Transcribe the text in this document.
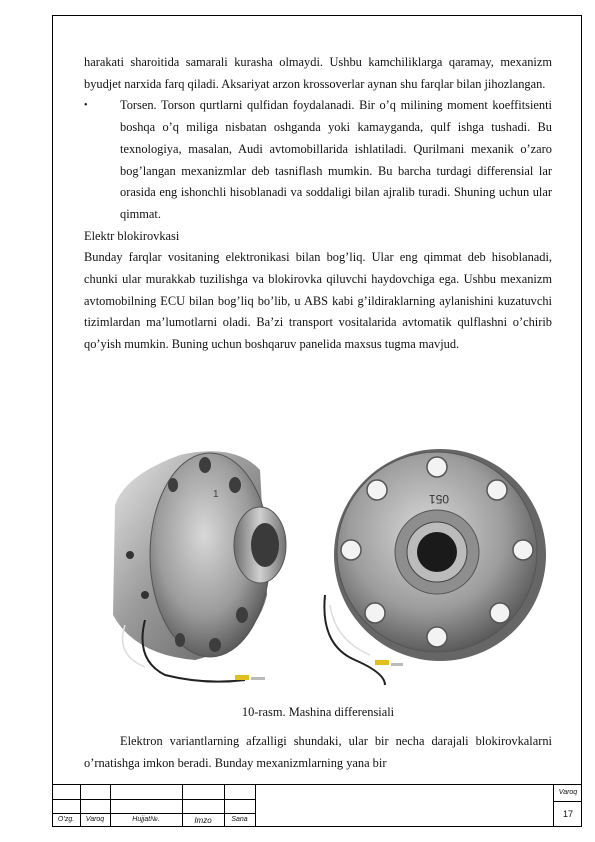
harakati sharoitida samarali kurasha olmaydi. Ushbu kamchiliklarga qaramay, mexanizm byudjet narxida farq qiladi. Aksariyat arzon krossoverlar aynan shu farqlar bilan jihozlangan.

• Torsen. Torson qurtlarni qulfidan foydalanadi. Bir o’q milining moment koeffitsienti boshqa o’q miliga nisbatan oshganda yoki kamayganda, qulf ishga tushadi. Bu texnologiya, masalan, Audi avtomobillarida ishlatiladi. Qurilmani mexanik o’zaro bog’langan mexanizmlar deb tasniflash mumkin. Bu barcha turdagi differensial lar orasida eng ishonchli hisoblanadi va soddaligi bilan ajralib turadi. Shuning uchun ular qimmat.

Elektr blokirovkasi

Bunday farqlar vositaning elektronikasi bilan bog’liq. Ular eng qimmat deb hisoblanadi, chunki ular murakkab tuzilishga va blokirovka qiluvchi haydovchiga ega. Ushbu mexanizm avtomobilning ECU bilan bog’liq bo’lib, u ABS kabi g’ildiraklarning aylanishini kuzatuvchi tizimlardan ma’lumotlarni oladi. Ba’zi transport vositalarida avtomatik qulflashni o’chirib qo’yish mumkin. Buning uchun boshqaruv panelida maxsus tugma mavjud.

1	051
10-rasm. Mashina differensiali

Elektron variantlarning afzalligi shundaki, ular bir necha darajali blokirovkalarni o’rnatishga imkon beradi. Bunday mexanizmlarning yana bir

O’zg.	Varoq	Hujjat№.	Imzo	Sana
Varoq
17
